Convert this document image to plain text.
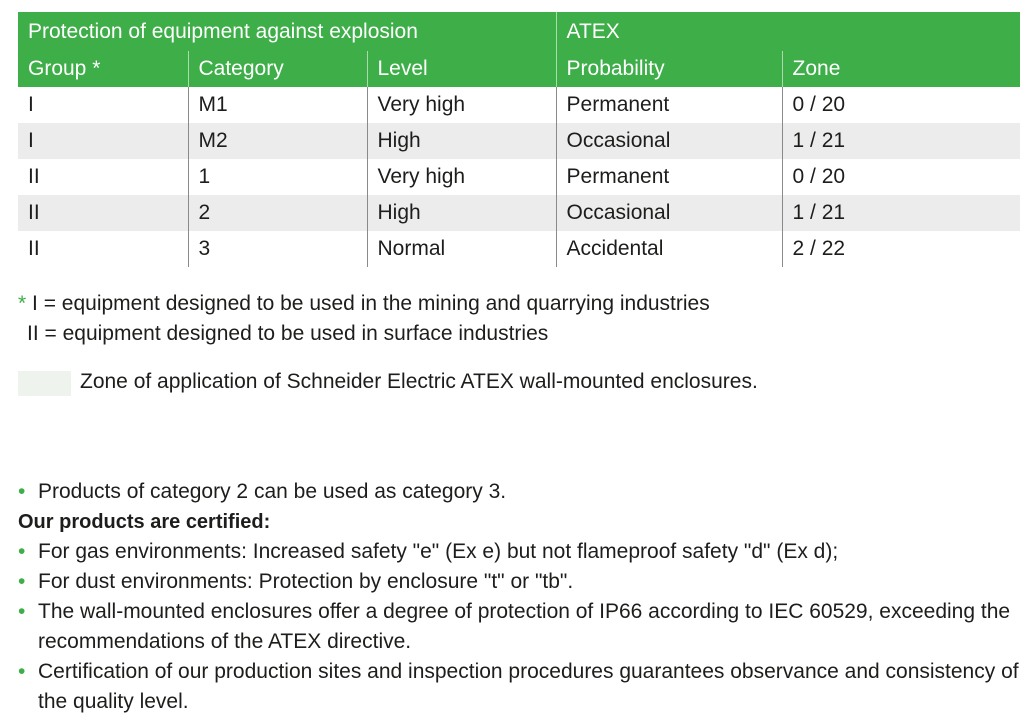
Protection of equipment against explosion			ATEX	
Group *	Category	Level	Probability	Zone
I	M1	Very high	Permanent	0 / 20
I	M2	High	Occasional	1 / 21
II	1	Very high	Permanent	0 / 20
II	2	High	Occasional	1 / 21
II	3	Normal	Accidental	2 / 22
* I = equipment designed to be used in the mining and quarrying industries
II = equipment designed to be used in surface industries
Zone of application of Schneider Electric ATEX wall-mounted enclosures.
• Products of category 2 can be used as category 3.
Our products are certified:
• For gas environments: Increased safety "e" (Ex e) but not flameproof safety "d" (Ex d);
• For dust environments: Protection by enclosure "t" or "tb".
• The wall-mounted enclosures offer a degree of protection of IP66 according to IEC 60529, exceeding the recommendations of the ATEX directive.
• Certification of our production sites and inspection procedures guarantees observance and consistency of the quality level.
